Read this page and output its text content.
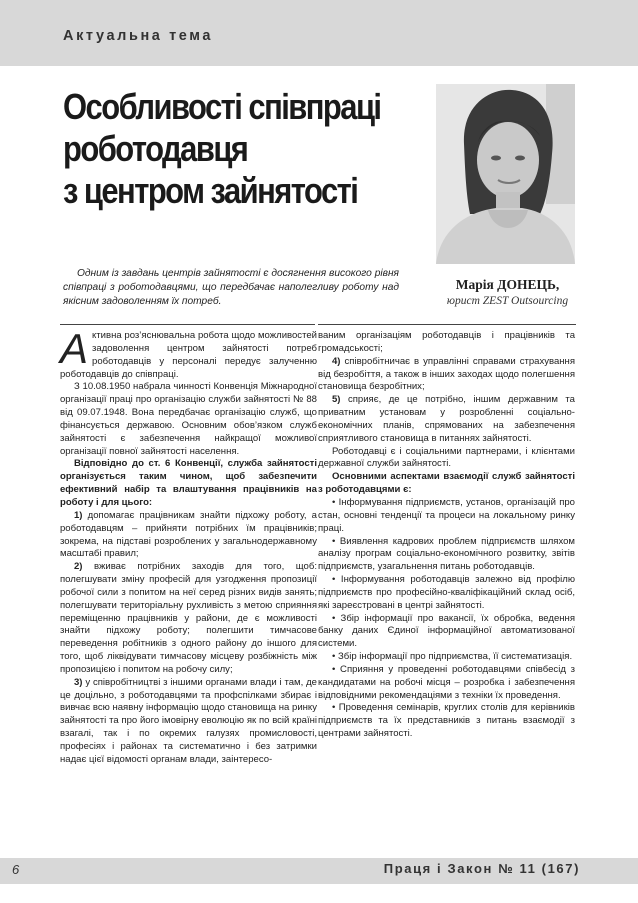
Актуальна тема
Особливості співпраці
роботодавця
з центром зайнятості
Марія ДОНЕЦЬ,
юрист ZEST Outsourcing
Одним із завдань центрів зайнятості є досягнення високого рівня співпраці з роботодавцями, що передбачає наполегливу роботу над якісним задоволенням їх потреб.

Активна роз’яснювальна робота щодо можливостей задоволення центром зайнятості потреб роботодавців у персоналі передує залученню роботодавців до співпраці.

З 10.08.1950 набрала чинності Конвенція Міжнародної організації праці про організацію служби зайнятості № 88 від 09.07.1948. Вона передбачає організацію служб, що фінансується державою. Основним обов’язком служб зайнятості є забезпечення найкращої можливої організації повної зайнятості населення.

Відповідно до ст. 6 Конвенції, служба зайнятості організується таким чином, щоб забезпечити ефективний набір та влаштування працівників на роботу і для цього:

1) допомагає працівникам знайти підхожу роботу, а роботодавцям – прийняти потрібних їм працівників; зокрема, на підставі розроблених у загальнодержавному масштабі правил;

2) вживає потрібних заходів для того, щоб: полегшувати зміну професій для узгодження пропозиції робочої сили з попитом на неї серед різних видів занять; полегшувати територіальну рухливість з метою сприяння переміщенню працівників у райони, де є можливості знайти підхожу роботу; полегшити тимчасове переведення робітників з одного району до іншого для того, щоб ліквідувати тимчасову місцеву розбіжність між пропозицією і попитом на робочу силу;

3) у співробітництві з іншими органами влади і там, де це доцільно, з роботодавцями та профспілками збирає і вивчає всю наявну інформацію щодо становища на ринку зайнятості та про його імовірну еволюцію як по всій країні взагалі, так і по окремих галузях промисловості, професіях і районах та систематично і без затримки надає цієї відомості органам влади, заінтересо-

ваним організаціям роботодавців і працівників та громадськості;

4) співробітничає в управлінні справами страхування від безробіття, а також в інших заходах щодо полегшення становища безробітних;

5) сприяє, де це потрібно, іншим державним та приватним установам у розробленні соціально-економічних планів, спрямованих на забезпечення сприятливого становища в питаннях зайнятості.

Роботодавці є і соціальними партнерами, і клієнтами державної служби зайнятості.

Основними аспектами взаємодії служб зайнятості з роботодавцями є:

• Інформування підприємств, установ, організацій про стан, основні тенденції та процеси на локальному ринку праці.

• Виявлення кадрових проблем підприємств шляхом аналізу програм соціально-економічного розвитку, звітів підприємств, узагальнення питань роботодавців.

• Інформування роботодавців залежно від профілю підприємств про професійно-кваліфікаційний склад осіб, які зареєстровані в центрі зайнятості.

• Збір інформації про вакансії, їх обробка, ведення банку даних Єдиної інформаційної автоматизованої системи.

• Збір інформації про підприємства, її систематизація.

• Сприяння у проведенні роботодавцями співбесід з кандидатами на робочі місця – розробка і забезпечення відповідними рекомендаціями з техніки їх проведення.

• Проведення семінарів, круглих столів для керівників підприємств та їх представників з питань взаємодії з центрами зайнятості.

6	Праця і Закон № 11 (167)
